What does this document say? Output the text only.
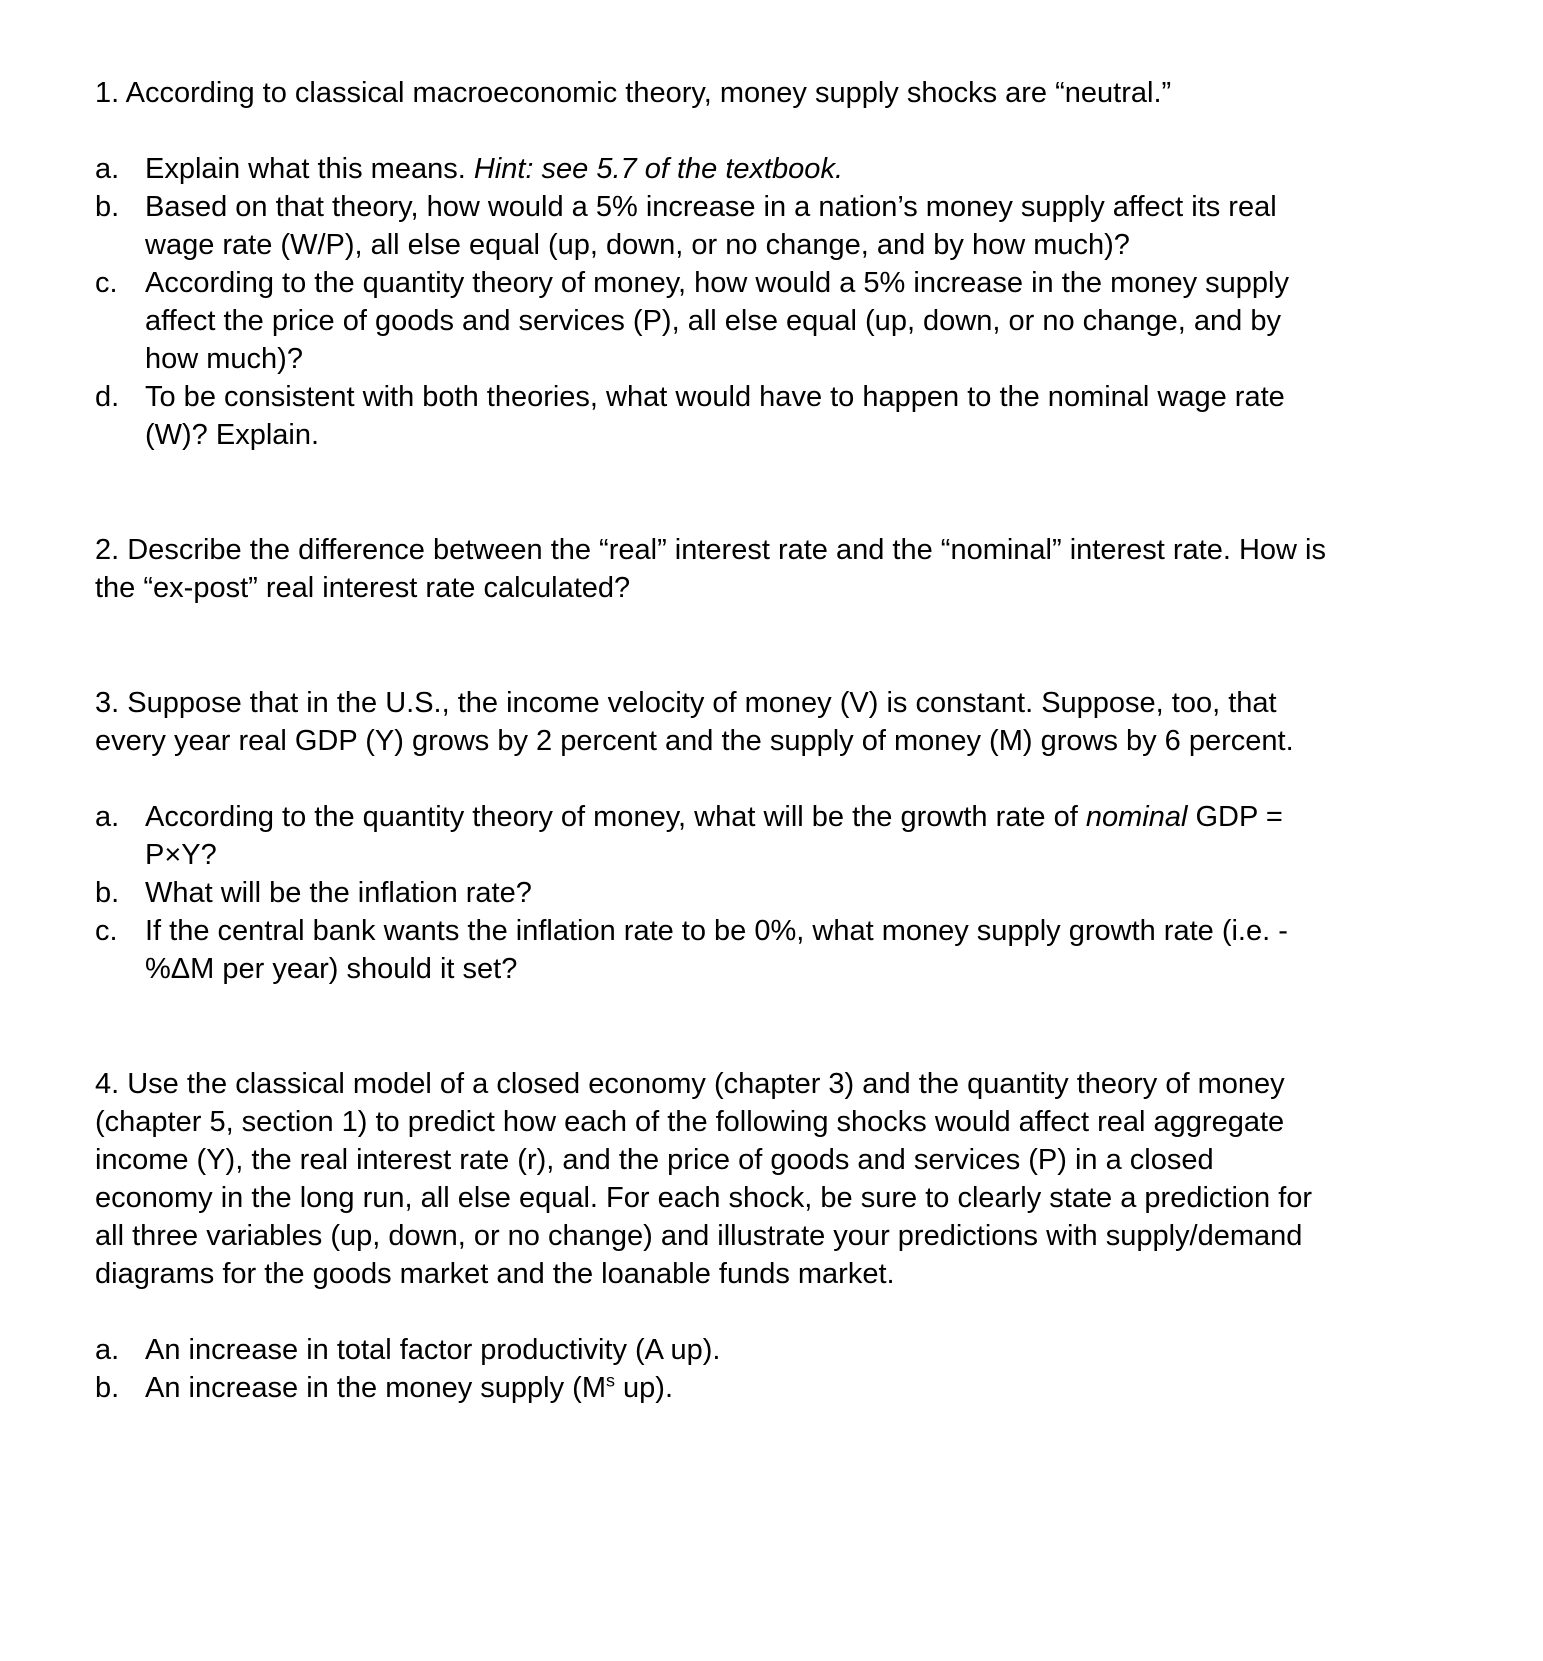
1. According to classical macroeconomic theory, money supply shocks are “neutral.”

a. Explain what this means. Hint: see 5.7 of the textbook.
b. Based on that theory, how would a 5% increase in a nation’s money supply affect its real wage rate (W/P), all else equal (up, down, or no change, and by how much)?
c. According to the quantity theory of money, how would a 5% increase in the money supply affect the price of goods and services (P), all else equal (up, down, or no change, and by how much)?
d. To be consistent with both theories, what would have to happen to the nominal wage rate (W)? Explain.

2. Describe the difference between the “real” interest rate and the “nominal” interest rate. How is the “ex-post” real interest rate calculated?

3. Suppose that in the U.S., the income velocity of money (V) is constant. Suppose, too, that every year real GDP (Y) grows by 2 percent and the supply of money (M) grows by 6 percent.

a. According to the quantity theory of money, what will be the growth rate of nominal GDP = P×Y?
b. What will be the inflation rate?
c. If the central bank wants the inflation rate to be 0%, what money supply growth rate (i.e. - %ΔM per year) should it set?

4. Use the classical model of a closed economy (chapter 3) and the quantity theory of money (chapter 5, section 1) to predict how each of the following shocks would affect real aggregate income (Y), the real interest rate (r), and the price of goods and services (P) in a closed economy in the long run, all else equal. For each shock, be sure to clearly state a prediction for all three variables (up, down, or no change) and illustrate your predictions with supply/demand diagrams for the goods market and the loanable funds market.

a. An increase in total factor productivity (A up).
b. An increase in the money supply ($M^s$ up).
